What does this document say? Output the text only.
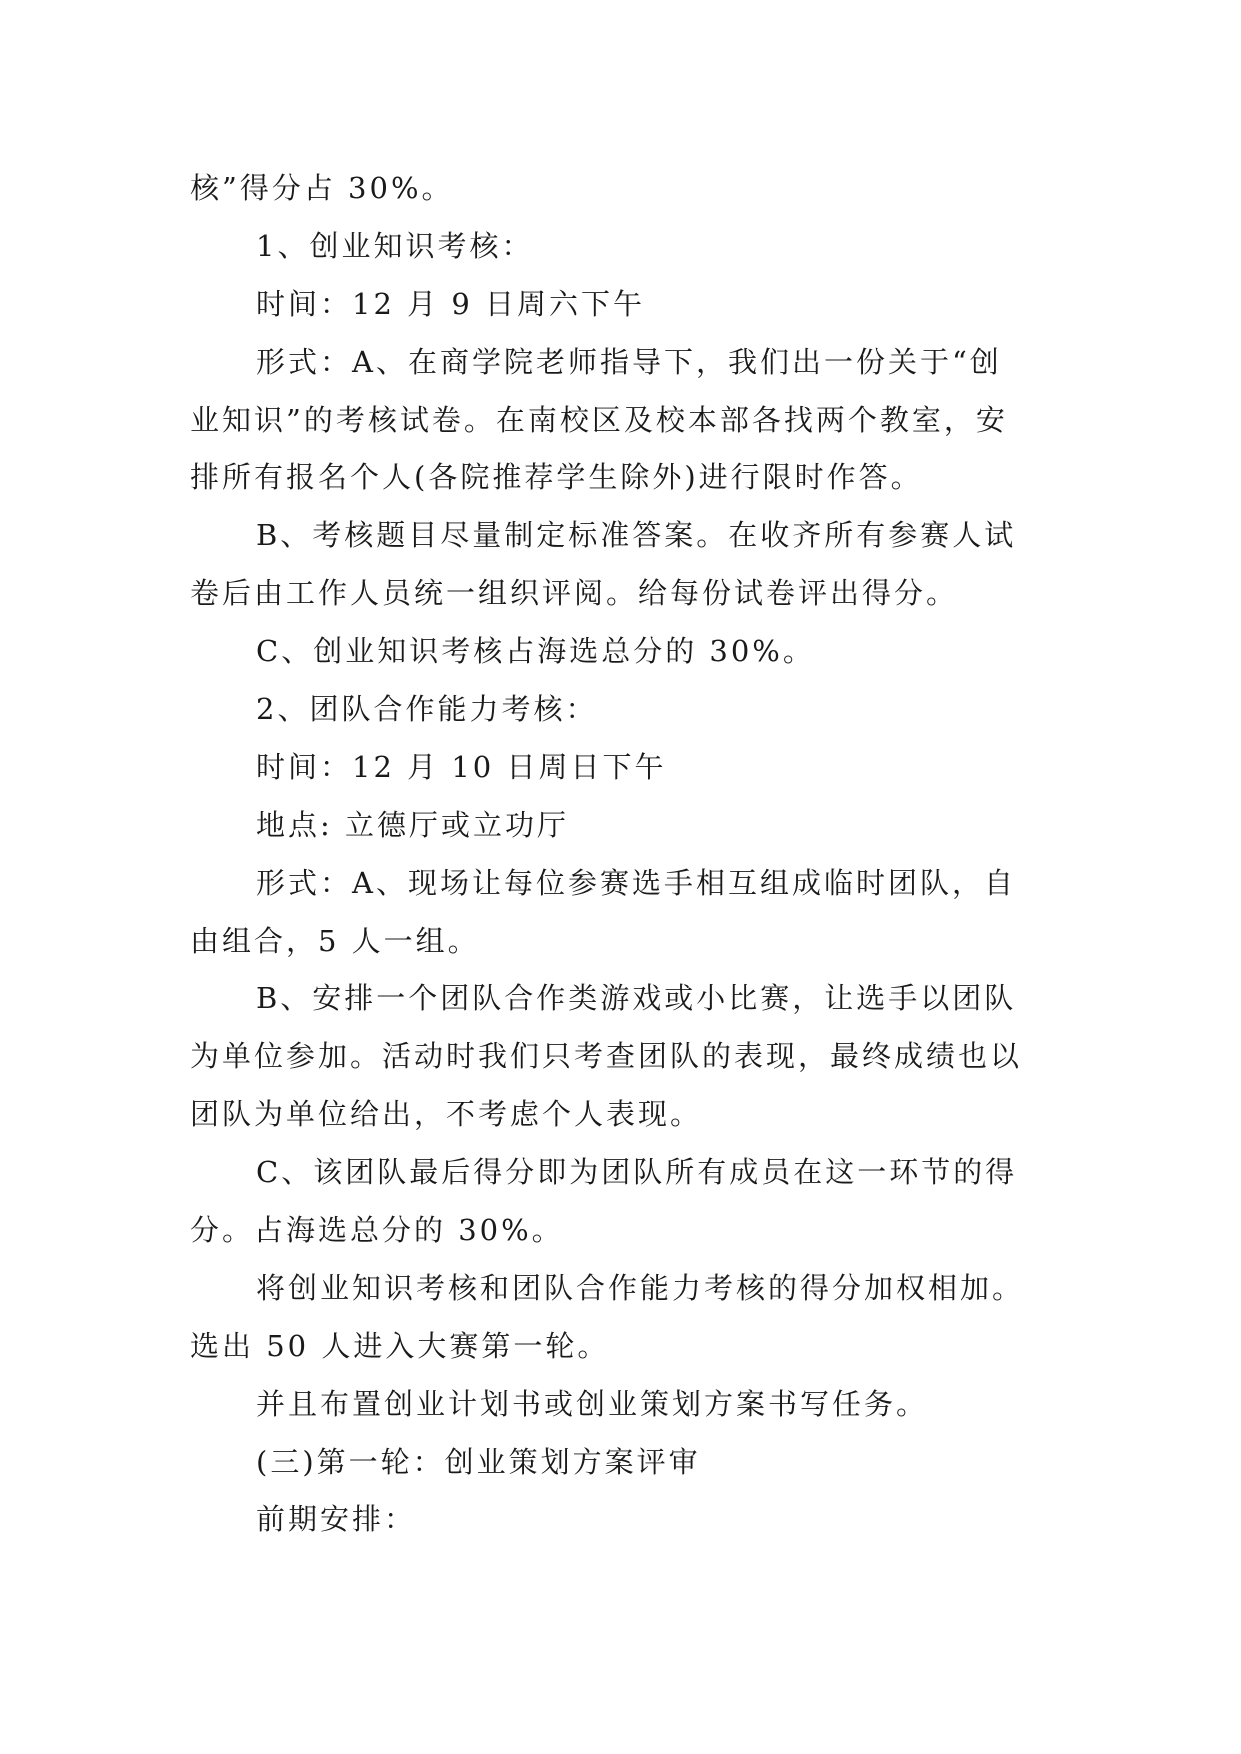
核”得分占 30%。
1、创业知识考核：
时间：12 月 9 日周六下午
形式：A、在商学院老师指导下，我们出一份关于“创
业知识”的考核试卷。在南校区及校本部各找两个教室，安
排所有报名个人(各院推荐学生除外)进行限时作答。
B、考核题目尽量制定标准答案。在收齐所有参赛人试
卷后由工作人员统一组织评阅。给每份试卷评出得分。
C、创业知识考核占海选总分的 30%。
2、团队合作能力考核：
时间：12 月 10 日周日下午
地点: 立德厅或立功厅
形式：A、现场让每位参赛选手相互组成临时团队，自
由组合，5 人一组。
B、安排一个团队合作类游戏或小比赛，让选手以团队
为单位参加。活动时我们只考查团队的表现，最终成绩也以
团队为单位给出，不考虑个人表现。
C、该团队最后得分即为团队所有成员在这一环节的得
分。占海选总分的 30%。
将创业知识考核和团队合作能力考核的得分加权相加。
选出 50 人进入大赛第一轮。
并且布置创业计划书或创业策划方案书写任务。
(三)第一轮：创业策划方案评审
前期安排：
